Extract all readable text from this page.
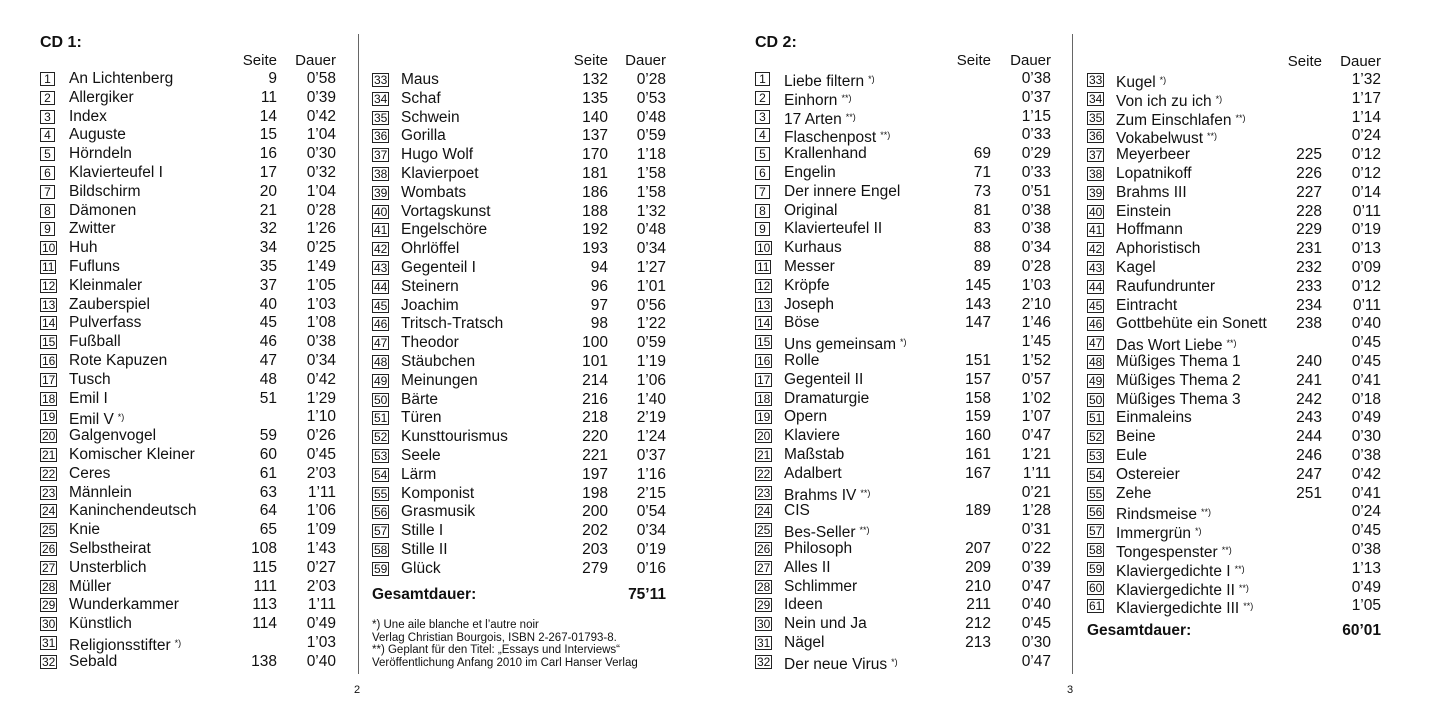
CD 1:
Seite Dauer
1 An Lichtenberg	9 0’58
2 Allergiker	11 0’39
3 Index	14 0’42
4 Auguste	15 1’04
5 Hörndeln	16 0’30
6 Klavierteufel I	17 0’32
7 Bildschirm	20 1’04
8 Dämonen	21 0’28
9 Zwitter	32 1’26
10 Huh	34 0’25
11 Fufluns	35 1’49
12 Kleinmaler	37 1’05
13 Zauberspiel	40 1’03
14 Pulverfass	45 1’08
15 Fußball	46 0’38
16 Rote Kapuzen	47 0’34
17 Tusch	48 0’42
18 Emil I	51 1’29
19 Emil V *)	1’10
20 Galgenvogel	59 0’26
21 Komischer Kleiner	60 0’45
22 Ceres	61 2’03
23 Männlein	63 1’11
24 Kaninchendeutsch	64 1’06
25 Knie	65 1’09
26 Selbstheirat	108 1’43
27 Unsterblich	115 0’27
28 Müller	111 2’03
29 Wunderkammer	113 1’11
30 Künstlich	114 0’49
31 Religionsstifter *)	1’03
32 Sebald	138 0’40
2
Seite Dauer
33 Maus	132 0’28
34 Schaf	135 0’53
35 Schwein	140 0’48
36 Gorilla	137 0’59
37 Hugo Wolf	170 1’18
38 Klavierpoet	181 1’58
39 Wombats	186 1’58
40 Vortagskunst	188 1’32
41 Engelschöre	192 0’48
42 Ohrlöffel	193 0’34
43 Gegenteil I	94 1’27
44 Steinern	96 1’01
45 Joachim	97 0’56
46 Tritsch-Tratsch	98 1’22
47 Theodor	100 0’59
48 Stäubchen	101 1’19
49 Meinungen	214 1’06
50 Bärte	216 1’40
51 Türen	218 2’19
52 Kunsttourismus	220 1’24
53 Seele	221 0’37
54 Lärm	197 1’16
55 Komponist	198 2’15
56 Grasmusik	200 0’54
57 Stille I	202 0’34
58 Stille II	203 0’19
59 Glück	279 0’16
Gesamtdauer:	75’11
*) Une aile blanche et l’autre noir
Verlag Christian Bourgois, ISBN 2-267-01793-8.
**) Geplant für den Titel: „Essays und Interviews“
Veröffentlichung Anfang 2010 im Carl Hanser Verlag
CD 2:
Seite Dauer
1 Liebe filtern *)	0’38
2 Einhorn **)	0’37
3 17 Arten **)	1’15
4 Flaschenpost **)	0’33
5 Krallenhand	69 0’29
6 Engelin	71 0’33
7 Der innere Engel	73 0’51
8 Original	81 0’38
9 Klavierteufel II	83 0’38
10 Kurhaus	88 0’34
11 Messer	89 0’28
12 Kröpfe	145 1’03
13 Joseph	143 2’10
14 Böse	147 1’46
15 Uns gemeinsam *)	1’45
16 Rolle	151 1’52
17 Gegenteil II	157 0’57
18 Dramaturgie	158 1’02
19 Opern	159 1’07
20 Klaviere	160 0’47
21 Maßstab	161 1’21
22 Adalbert	167 1’11
23 Brahms IV **)	0’21
24 CIS	189 1’28
25 Bes-Seller **)	0’31
26 Philosoph	207 0’22
27 Alles II	209 0’39
28 Schlimmer	210 0’47
29 Ideen	211 0’40
30 Nein und Ja	212 0’45
31 Nägel	213 0’30
32 Der neue Virus *)	0’47
3
Seite Dauer
33 Kugel *)	1’32
34 Von ich zu ich *)	1’17
35 Zum Einschlafen **)	1’14
36 Vokabelwust **)	0’24
37 Meyerbeer	225 0’12
38 Lopatnikoff	226 0’12
39 Brahms III	227 0’14
40 Einstein	228 0’11
41 Hoffmann	229 0’19
42 Aphoristisch	231 0’13
43 Kagel	232 0’09
44 Raufundrunter	233 0’12
45 Eintracht	234 0’11
46 Gottbehüte ein Sonett 238 0’40
47 Das Wort Liebe **)	0’45
48 Müßiges Thema 1	240 0’45
49 Müßiges Thema 2	241 0’41
50 Müßiges Thema 3	242 0’18
51 Einmaleins	243 0’49
52 Beine	244 0’30
53 Eule	246 0’38
54 Ostereier	247 0’42
55 Zehe	251 0’41
56 Rindsmeise **)	0’24
57 Immergrün *)	0’45
58 Tongespenster **)	0’38
59 Klaviergedichte I **)	1’13
60 Klaviergedichte II **)	0’49
61 Klaviergedichte III **)	1’05
Gesamtdauer:	60’01
